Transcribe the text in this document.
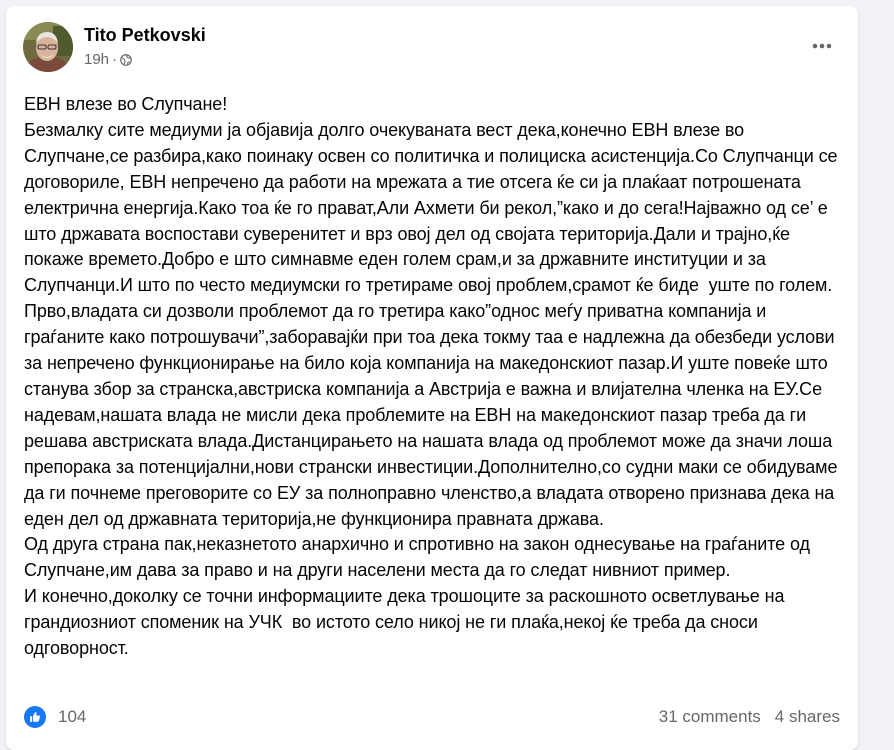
Tito Petkovski
19h ·
ЕВН влезе во Слупчане!
Безмалку сите медиуми ја објавија долго очекуваната вест дека,конечно ЕВН влезе во Слупчане,се разбира,како поинаку освен со политичка и полициска асистенција.Со Слупчанци се договориле, ЕВН непречено да работи на мрежата а тие отсега ќе си ја плаќаат потрошената електрична енергија.Како тоа ќе го прават,Али Ахмети би рекол,”како и до сега!Најважно од се’ е што државата воспостави суверенитет и врз овој дел од својата територија.Дали и трајно,ќе покаже времето.Добро е што симнавме еден голем срам,и за државните институции и за Слупчанци.И што по често медиумски го третираме овој проблем,срамот ќе биде  уште по голем.
Прво,владата си дозволи проблемот да го третира како”однос меѓу приватна компанија и граѓаните како потрошувачи”,заборавајќи при тоа дека токму таа е надлежна да обезбеди услови за непречено функционирање на било која компанија на македонскиот пазар.И уште повеќе што станува збор за странска,австриска компанија а Австрија е важна и влијателна членка на ЕУ.Се надевам,нашата влада не мисли дека проблемите на ЕВН на македонскиот пазар треба да ги решава австриската влада.Дистанцирањето на нашата влада од проблемот може да значи лоша препорака за потенцијални,нови странски инвестиции.Дополнително,со судни маки се обидуваме да ги почнеме преговорите со ЕУ за полноправно членство,а владата отворено признава дека на еден дел од државната територија,не функционира правната држава.
Од друга страна пак,неказнетото анархично и спротивно на закон однесување на граѓаните од Слупчане,им дава за право и на други населени места да го следат нивниот пример.
И конечно,доколку се точни информациите дека трошоците за раскошното осветлување на грандиозниот споменик на УЧК  во истото село никој не ги плаќа,некој ќе треба да сноси одговорност.
104	31 comments 4 shares
